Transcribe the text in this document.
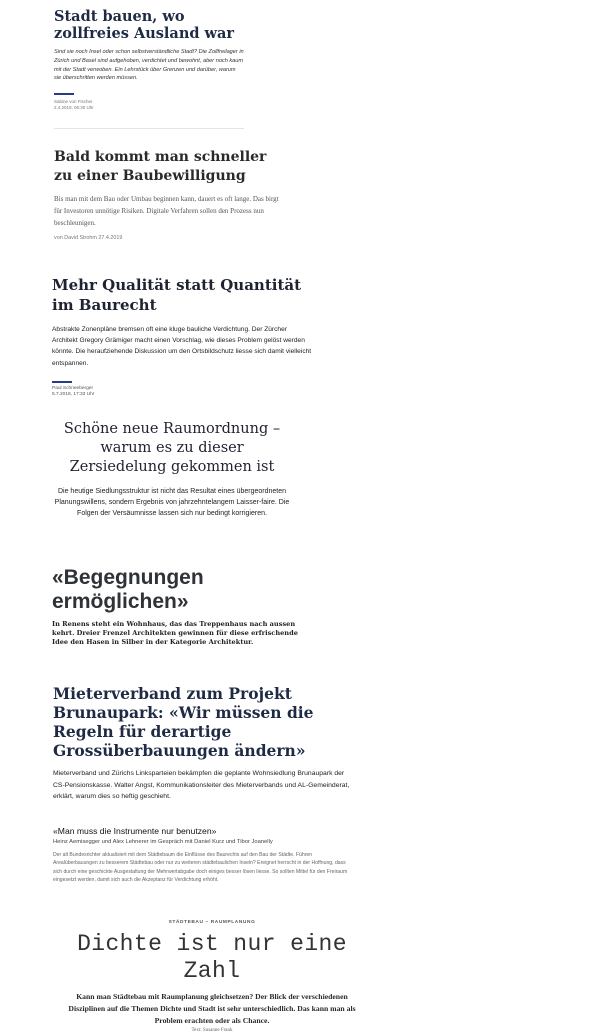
Stadt bauen, wo zollfreies Ausland war

Sind sie noch Insel oder schon selbstverständliche Stadt? Die Zollfreilager in Zürich und Basel sind aufgehoben, verdichtet und bewohnt, aber noch kaum mit der Stadt verwoben. Ein Lehrstück über Grenzen und darüber, warum sie überschritten werden müssen.

Sabine von Fischer
2.4.2019, 06:30 Uhr
Bald kommt man schneller zu einer Baubewilligung

Bis man mit dem Bau oder Umbau beginnen kann, dauert es oft lange. Das birgt für Investoren unnötige Risiken. Digitale Verfahren sollen den Prozess nun beschleunigen.

von David Strohm 27.4.2019
Mehr Qualität statt Quantität im Baurecht

Abstrakte Zonenpläne bremsen oft eine kluge bauliche Verdichtung. Der Zürcher Architekt Gregory Grämiger macht einen Vorschlag, wie dieses Problem gelöst werden könnte. Die heraufziehende Diskussion um den Ortsbildschutz liesse sich damit vielleicht entspannen.

Paul Schneeberger
5.7.2018, 17:33 Uhr
Schöne neue Raumordnung – warum es zu dieser Zersiedelung gekommen ist

Die heutige Siedlungsstruktur ist nicht das Resultat eines übergeordneten Planungswillens, sondern Ergebnis von jahrzehntelangem Laisser-faire. Die Folgen der Versäumnisse lassen sich nur bedingt korrigieren.

«Begegnungen ermöglichen»

In Renens steht ein Wohnhaus, das das Treppenhaus nach aussen kehrt. Dreier Frenzel Architekten gewinnen für diese erfrischende Idee den Hasen in Silber in der Kategorie Architektur.

Mieterverband zum Projekt Brunaupark: «Wir müssen die Regeln für derartige Grossüberbauungen ändern»

Mieterverband und Zürichs Linksparteien bekämpfen die geplante Wohnsiedlung Brunaupark der CS-Pensionskasse. Walter Angst, Kommunikationsleiter des Mieterverbands und AL-Gemeinderat, erklärt, warum dies so heftig geschieht.

«Man muss die Instrumente nur benutzen»

Heinz Aemisegger und Alex Lehnerer im Gespräch mit Daniel Kurz und Tibor Joanelly

Der alt Bundesrichter aktualisiert mit dem Städtebaum die Einflüsse des Baurechts auf den Bau der Städte. Führen Arealüberbauungen zu besserem Städtebau oder nur zu weiteren städtebaulichen Inseln? Ereignet herrscht in der Hoffnung, dass sich durch eine geschickte Ausgestaltung der Mehrwertabgabe doch einiges besser lösen liesse. So sollten Mittel für den Freiraum eingesetzt werden, damit sich auch die Akzeptanz für Verdichtung erhöht.

STÄDTEBAU – RAUMPLANUNG
Dichte ist nur eine Zahl

Kann man Städtebau mit Raumplanung gleichsetzen? Der Blick der verschiedenen Disziplinen auf die Themen Dichte und Stadt ist sehr unterschiedlich. Das kann man als Problem erachten oder als Chance.

Text: Susanne Frank
